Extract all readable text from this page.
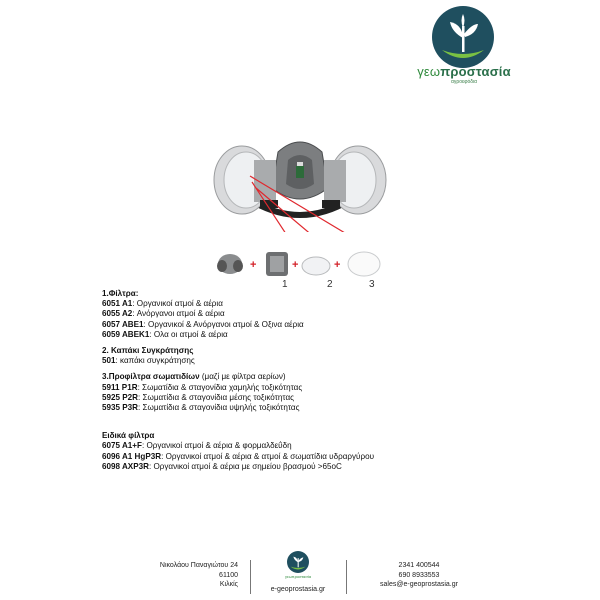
γεωπροστασία
αγροεφόδια
+	+	+
1	2	3
1.Φίλτρα:
6051 A1: Οργανικοί ατμοί & αέρια
6055 A2: Ανόργανοι ατμοί & αέρια
6057 ABE1: Οργανικοί & Ανόργανοι ατμοί & Οξινα αέρια
6059 ABEK1: Ολα οι ατμοί & αέρια
2. Καπάκι Συγκράτησης
501: καπάκι συγκράτησης
3.Προφίλτρα σωματιδίων (μαζί με φίλτρα αερίων)
5911 P1R: Σωματίδια & σταγονίδια χαμηλής τοξικότητας
5925 P2R: Σωματίδια & σταγονίδια μέσης τοξικότητας
5935 P3R: Σωματίδια & σταγονίδια υψηλής τοξικότητας
Ειδικά φίλτρα
6075 A1+F: Οργανικοί ατμοί & αέρια & φορμαλδεΰδη
6096 A1 HgP3R: Οργανικοί ατμοί & αέρια & ατμοί & σωματίδια υδραργύρου
6098 AXP3R: Οργανικοί ατμοί & αέρια με σημείου βρασμού >65oC
Νικολάου Παναγιώτου 24
61100
Κιλκίς
γεωπροστασία
e-geoprostasia.gr
2341 400544
690 8933553
sales@e-geoprostasia.gr
